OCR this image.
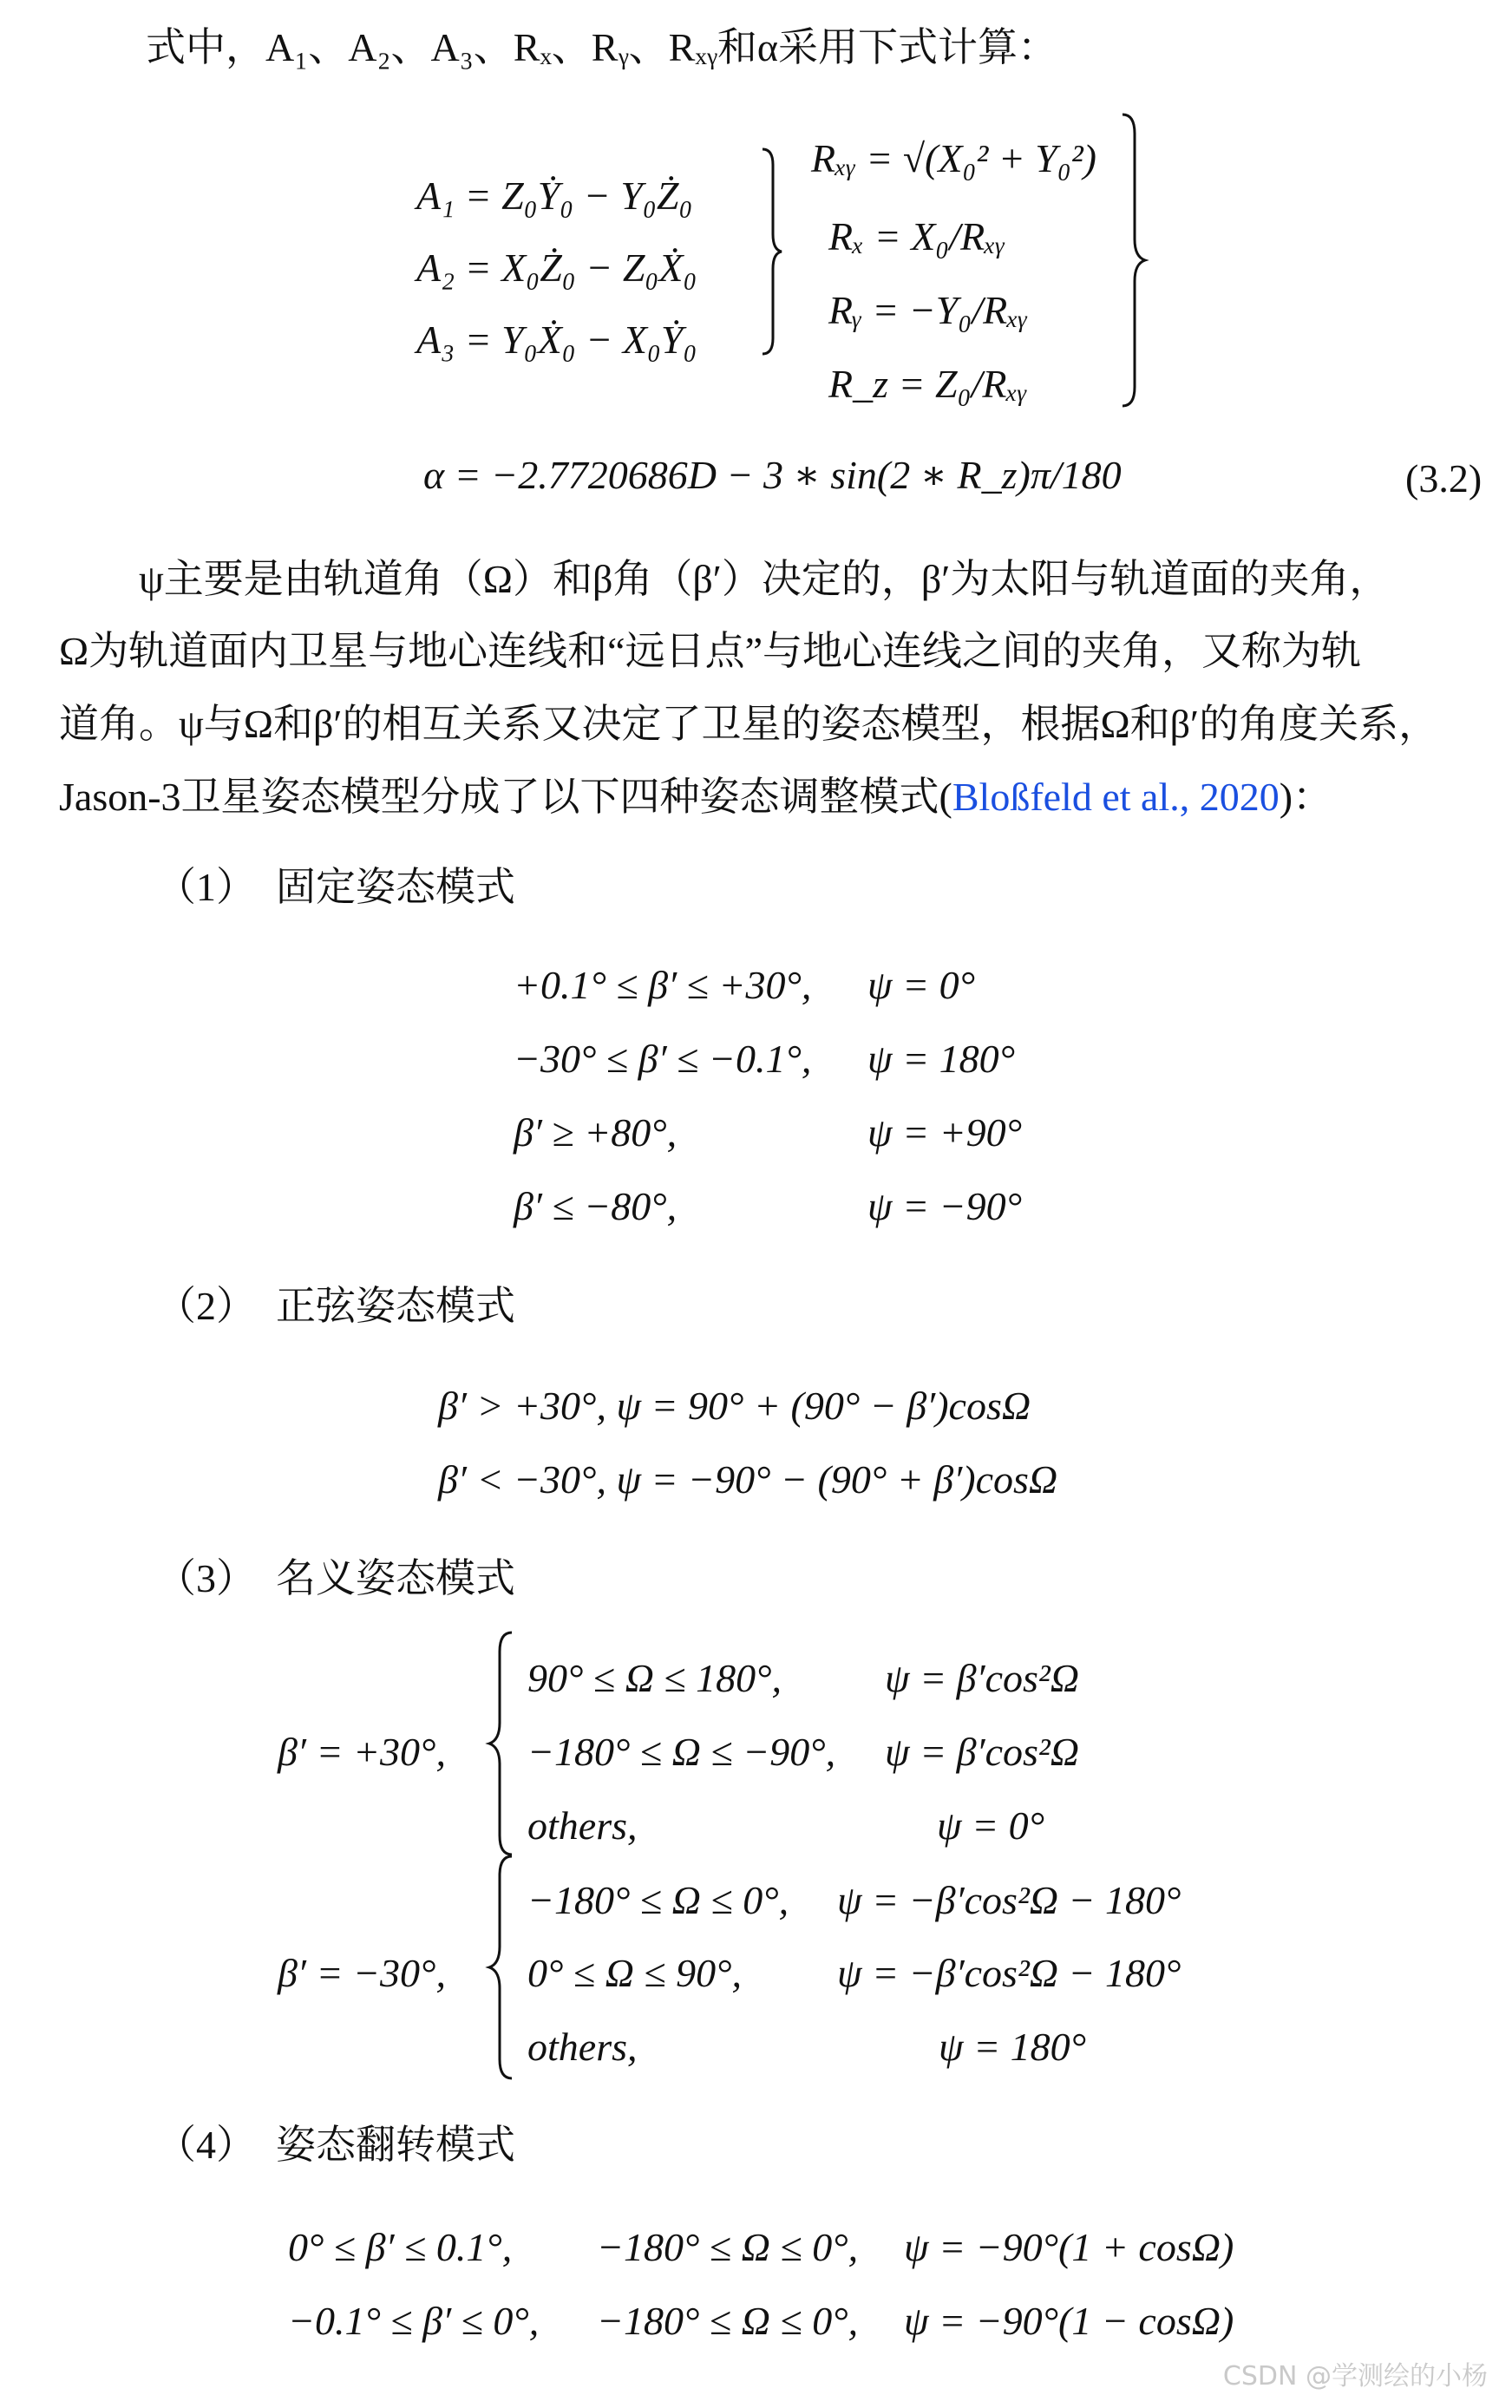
式中，A₁、A₂、A₃、Rₓ、Rᵧ、Rₓᵧ和α采用下式计算：
A₁ = Z₀Ẏ₀ − Y₀Ż₀
A₂ = X₀Ż₀ − Z₀Ẋ₀
A₃ = Y₀Ẋ₀ − X₀Ẏ₀
Rₓᵧ = √(X₀² + Y₀²)
Rₓ = X₀/Rₓᵧ
Rᵧ = −Y₀/Rₓᵧ
R_z = Z₀/Rₓᵧ
α = −2.7720686D − 3 ∗ sin(2 ∗ R_z)π/180	(3.2)
ψ主要是由轨道角（Ω）和β角（β′）决定的，β′为太阳与轨道面的夹角，
Ω为轨道面内卫星与地心连线和“远日点”与地心连线之间的夹角，又称为轨
道角。ψ与Ω和β′的相互关系又决定了卫星的姿态模型，根据Ω和β′的角度关系，
Jason-3卫星姿态模型分成了以下四种姿态调整模式(Bloßfeld et al., 2020)：
（1） 固定姿态模式
+0.1° ≤ β′ ≤ +30°, ψ = 0°
−30° ≤ β′ ≤ −0.1°, ψ = 180°
β′ ≥ +80°,	ψ = +90°
β′ ≤ −80°,	ψ = −90°
（2） 正弦姿态模式
β′ > +30°, ψ = 90° + (90° − β′)cosΩ
β′ < −30°, ψ = −90° − (90° + β′)cosΩ
（3） 名义姿态模式
β′ = +30°,
90° ≤ Ω ≤ 180°,	ψ = β′cos²Ω
−180° ≤ Ω ≤ −90°, ψ = β′cos²Ω
others,	ψ = 0°
β′ = −30°,
−180° ≤ Ω ≤ 0°, ψ = −β′cos²Ω − 180°
0° ≤ Ω ≤ 90°, ψ = −β′cos²Ω − 180°
others,	ψ = 180°
（4） 姿态翻转模式
0° ≤ β′ ≤ 0.1°, −180° ≤ Ω ≤ 0°, ψ = −90°(1 + cosΩ)
−0.1° ≤ β′ ≤ 0°, −180° ≤ Ω ≤ 0°, ψ = −90°(1 − cosΩ)
CSDN @学测绘的小杨
